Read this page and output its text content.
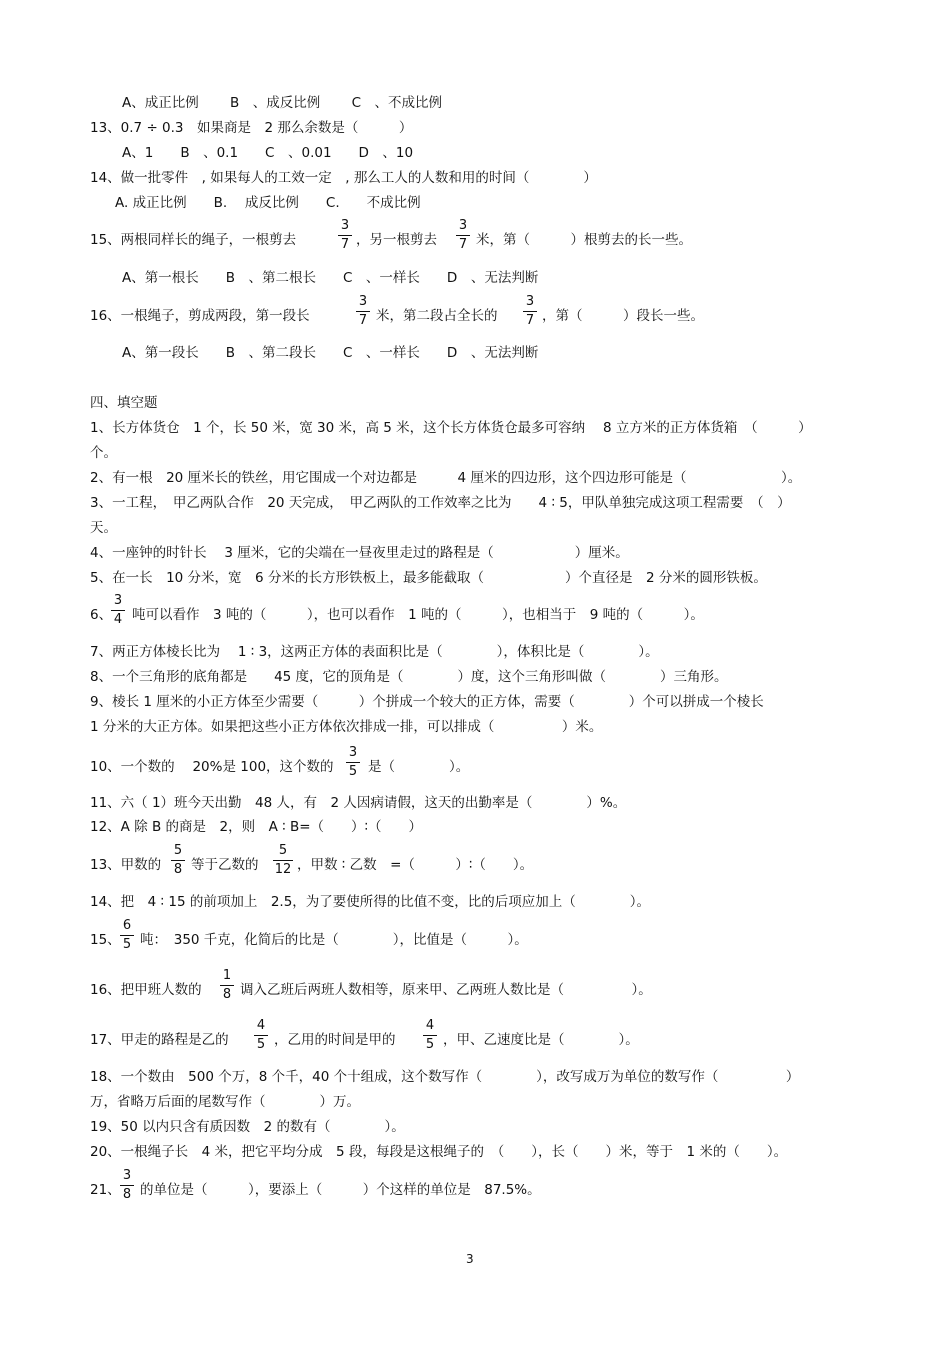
A、成正比例　　 B　、成反比例　　 C　、不成比例
13、0.7 ÷ 0.3　如果商是　2 那么余数是（　　　）
A、1　　B　、0.1　　C　、0.01　　D　、10
14、做一批零件　, 如果每人的工效一定　, 那么工人的人数和用的时间（　　　　）
A. 成正比例　　B.　 成反比例　　C.　　不成比例
15、两根同样长的绳子，一根剪去
3
7 ，另一根剪去
3
7 米，第（　　　）根剪去的长一些。
A、第一根长　　B　、第二根长　　C　、一样长　　D　、无法判断
16、一根绳子，剪成两段，第一段长
3
7 米，第二段占全长的
3
7 ，第（　　　）段长一些。
A、第一段长　　B　、第二段长　　C　、一样长　　D　、无法判断
四、填空题
1、长方体货仓　1 个，长 50 米，宽 30 米，高 5 米，这个长方体货仓最多可容纳　 8 立方米的正方体货箱　（　　　）
个。
2、有一根　20 厘米长的铁丝，用它围成一个对边都是　　　4 厘米的四边形，这个四边形可能是（　　　　　　　）。
3、一工程，　甲乙两队合作　20 天完成，　甲乙两队的工作效率之比为　　4 ∶ 5，甲队单独完成这项工程需要　（　）
天。
4、一座钟的时针长　 3 厘米，它的尖端在一昼夜里走过的路程是（　　　　　　）厘米。
5、在一长　10 分米，宽　6 分米的长方形铁板上，最多能截取（　　　　　　）个直径是　2 分米的圆形铁板。
6、
3
4 吨可以看作　3 吨的（　　　），也可以看作　1 吨的（　　　），也相当于　9 吨的（　　　）。
7、两正方体棱长比为　 1 ∶ 3，这两正方体的表面积比是（　　　　），体积比是（　　　　）。
8、一个三角形的底角都是　　45 度，它的顶角是（　　　　）度，这个三角形叫做（　　　　）三角形。
9、棱长 1 厘米的小正方体至少需要（　　　）个拼成一个较大的正方体，需要（　　　　）个可以拼成一个棱长
1 分米的大正方体。如果把这些小正方体依次排成一排，可以排成（　　　　　）米。
10、一个数的　 20%是 100，这个数的
3
5 是（　　　　）。
11、六（ 1）班今天出勤　48 人，有　2 人因病请假，这天的出勤率是（　　　　）%。
12、A 除 B 的商是　2，则　A ∶ B=（　　）∶（　　）
13、甲数的
5
8 等于乙数的
5
12 ，甲数 ∶ 乙数　=（　　　）∶（　　）。
14、把　4 ∶ 15 的前项加上　2.5，为了要使所得的比值不变，比的后项应加上（　　　　）。
15、
6
5 吨：　350 千克，化简后的比是（　　　　），比值是（　　　）。
16、把甲班人数的
1
8 调入乙班后两班人数相等，原来甲、乙两班人数比是（　　　　　）。
17、甲走的路程是乙的
4
5 ，乙用的时间是甲的
4
5 ，甲、乙速度比是（　　　　）。
18、一个数由　500 个万，8 个千，40 个十组成，这个数写作（　　　　），改写成万为单位的数写作（　　　　　）
万，省略万后面的尾数写作（　　　　）万。
19、50 以内只含有质因数　2 的数有（　　　　）。
20、一根绳子长　4 米，把它平均分成　5 段，每段是这根绳子的　（　　），长（　　）米，等于　1 米的（　　）。
21、
3
8 的单位是（　　　），要添上（　　　）个这样的单位是　87.5%。
3
